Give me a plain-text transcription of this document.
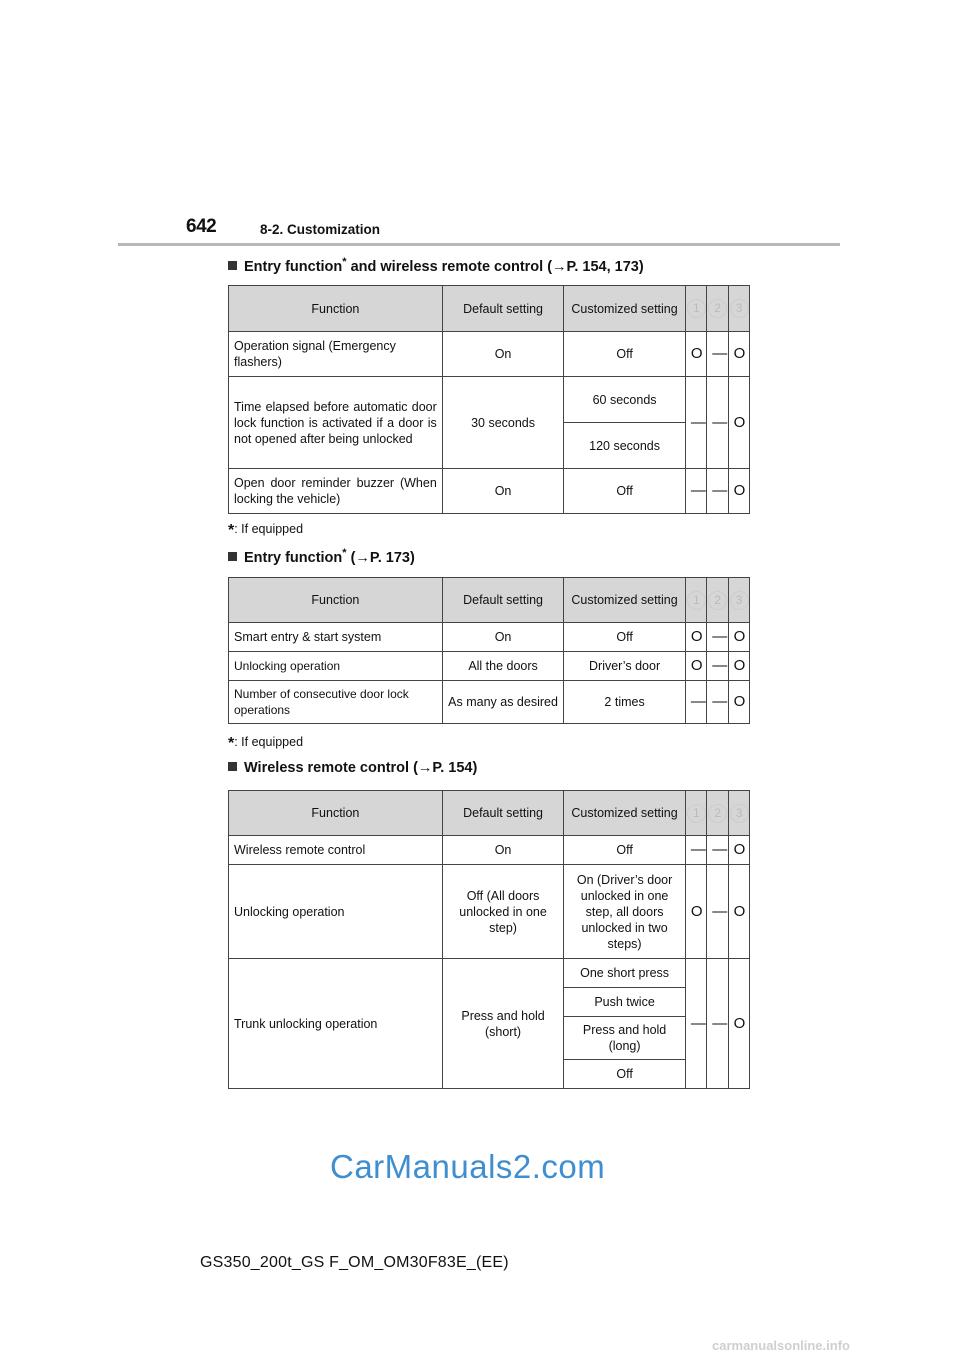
642	8-2. Customization
Entry function* and wireless remote control (→P. 154, 173)
Function	Default setting	Customized setting	1	2	3
Operation signal (Emergency flashers)	On	Off	O	—	O
Time elapsed before automatic door lock function is activated if a door is not opened after being unlocked	30 seconds	60 seconds	—	—	O
		120 seconds			
Open door reminder buzzer (When locking the vehicle)	On	Off	—	—	O
*: If equipped
Entry function* (→P. 173)
Function	Default setting	Customized setting	1	2	3
Smart entry & start system	On	Off	O	—	O
Unlocking operation	All the doors	Driver’s door	O	—	O
Number of consecutive door lock operations	As many as desired	2 times	—	—	O
*: If equipped
Wireless remote control (→P. 154)
Function	Default setting	Customized setting	1	2	3
Wireless remote control	On	Off	—	—	O
Unlocking operation	Off (All doors unlocked in one step)	On (Driver’s door unlocked in one step, all doors unlocked in two steps)	O	—	O
Trunk unlocking operation	Press and hold (short)	One short press	—	—	O
		Push twice			
		Press and hold (long)			
		Off			
CarManuals2.com
GS350_200t_GS F_OM_OM30F83E_(EE)
carmanualsonline.info
